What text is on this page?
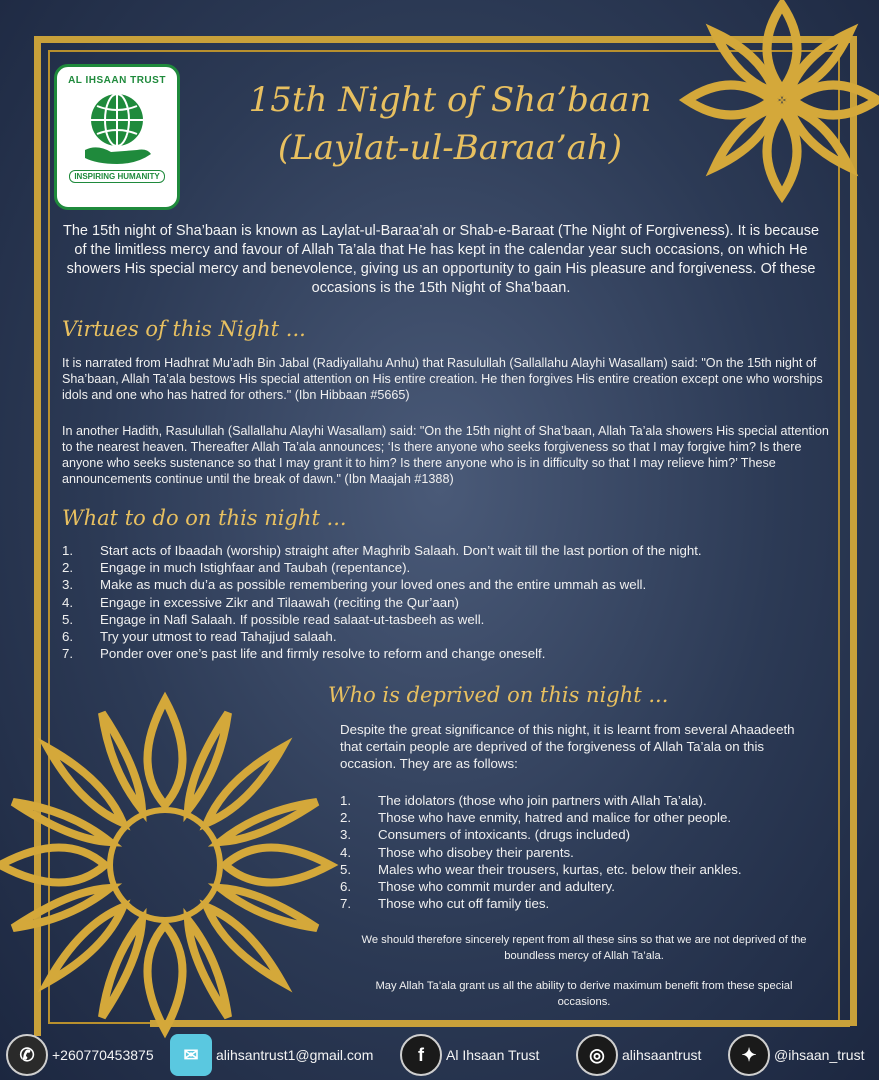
AL IHSAAN TRUST
INSPIRING HUMANITY
15th Night of Sha’baan
(Laylat-ul-Baraa’ah)
The 15th night of Sha’baan is known as Laylat-ul-Baraa’ah or Shab-e-Baraat (The Night of Forgiveness). It is because of the limitless mercy and favour of Allah Ta’ala that He has kept in the calendar year such occasions, on which He showers His special mercy and benevolence, giving us an opportunity to gain His pleasure and forgiveness. Of these occasions is the 15th Night of Sha’baan.
Virtues of this Night ...
It is narrated from Hadhrat Mu’adh Bin Jabal (Radiyallahu Anhu) that Rasulullah (Sallallahu Alayhi Wasallam) said: "On the 15th night of Sha’baan, Allah Ta’ala bestows His special attention on His entire creation. He then forgives His entire creation except one who worships idols and one who has hatred for others." (Ibn Hibbaan #5665)
In another Hadith, Rasulullah (Sallallahu Alayhi Wasallam) said: "On the 15th night of Sha’baan, Allah Ta’ala showers His special attention to the nearest heaven. Thereafter Allah Ta’ala announces; ‘Is there anyone who seeks forgiveness so that I may forgive him? Is there anyone who seeks sustenance so that I may grant it to him? Is there anyone who is in difficulty so that I may relieve him?’ These announcements continue until the break of dawn." (Ibn Maajah #1388)
What to do on this night ...
1.	Start acts of Ibaadah (worship) straight after Maghrib Salaah. Don’t wait till the last portion of the night.
2.	Engage in much Istighfaar and Taubah (repentance).
3.	Make as much du’a as possible remembering your loved ones and the entire ummah as well.
4.	Engage in excessive Zikr and Tilaawah (reciting the Qur’aan)
5.	Engage in Nafl Salaah. If possible read salaat-ut-tasbeeh as well.
6.	Try your utmost to read Tahajjud salaah.
7.	Ponder over one’s past life and firmly resolve to reform and change oneself.
Who is deprived on this night ...
Despite the great significance of this night, it is learnt from several Ahaadeeth that certain people are deprived of the forgiveness of Allah Ta’ala on this occasion. They are as follows:
1.	The idolators (those who join partners with Allah Ta’ala).
2.	Those who have enmity, hatred and malice for other people.
3.	Consumers of intoxicants. (drugs included)
4.	Those who disobey their parents.
5.	Males who wear their trousers, kurtas, etc. below their ankles.
6.	Those who commit murder and adultery.
7.	Those who cut off family ties.
We should therefore sincerely repent from all these sins so that we are not deprived of the boundless mercy of Allah Ta’ala.
May Allah Ta’ala grant us all the ability to derive maximum benefit from these special occasions.
✆	+260770453875	✉	alihsantrust1@gmail.com	f	Al Ihsaan Trust	◎	alihsaantrust	✦	@ihsaan_trust
